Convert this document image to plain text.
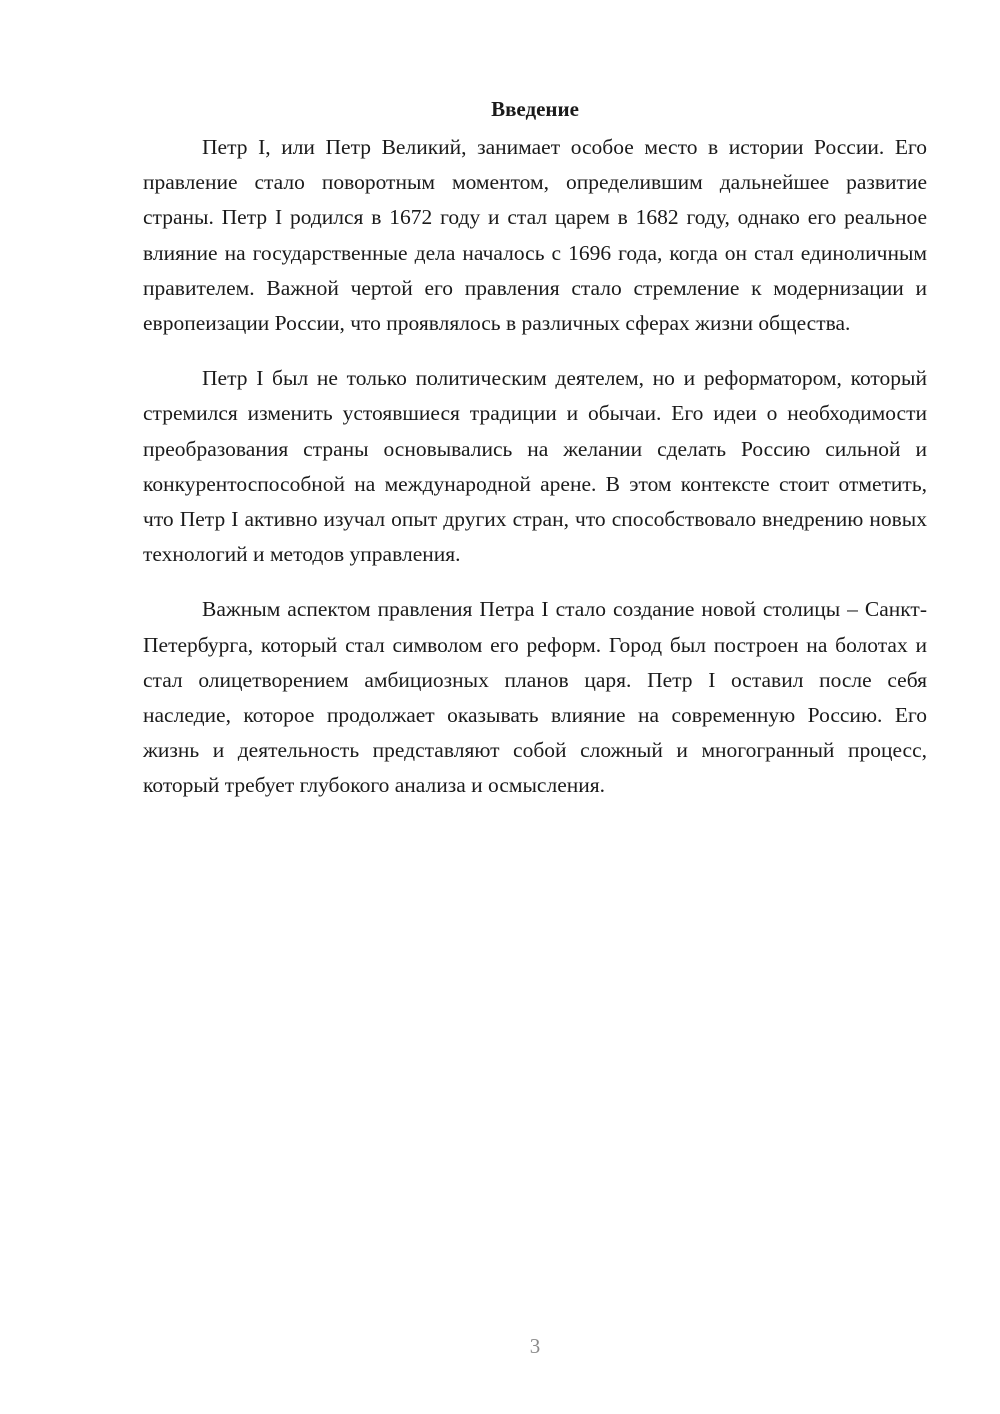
Введение

Петр I, или Петр Великий, занимает особое место в истории России. Его правление стало поворотным моментом, определившим дальнейшее развитие страны. Петр I родился в 1672 году и стал царем в 1682 году, однако его реальное влияние на государственные дела началось с 1696 года, когда он стал единоличным правителем. Важной чертой его правления стало стремление к модернизации и европеизации России, что проявлялось в различных сферах жизни общества.

Петр I был не только политическим деятелем, но и реформатором, который стремился изменить устоявшиеся традиции и обычаи. Его идеи о необходимости преобразования страны основывались на желании сделать Россию сильной и конкурентоспособной на международной арене. В этом контексте стоит отметить, что Петр I активно изучал опыт других стран, что способствовало внедрению новых технологий и методов управления.

Важным аспектом правления Петра I стало создание новой столицы – Санкт-Петербурга, который стал символом его реформ. Город был построен на болотах и стал олицетворением амбициозных планов царя. Петр I оставил после себя наследие, которое продолжает оказывать влияние на современную Россию. Его жизнь и деятельность представляют собой сложный и многогранный процесс, который требует глубокого анализа и осмысления.

3
